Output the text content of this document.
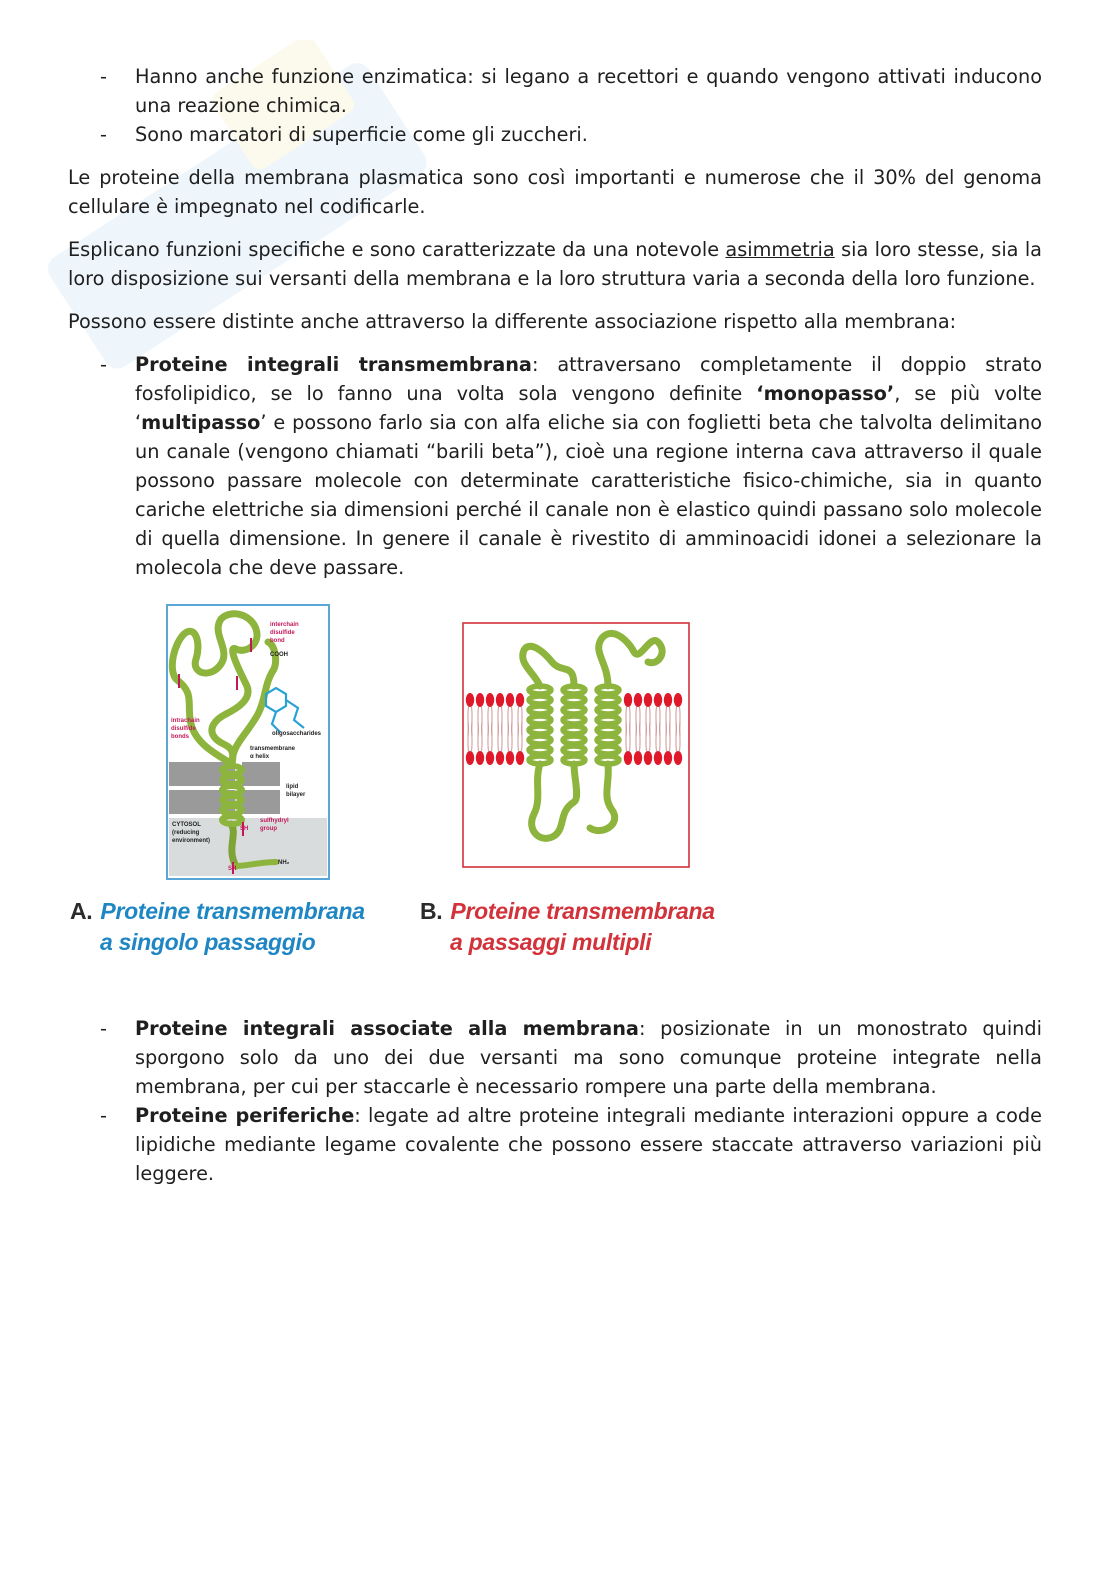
- Hanno anche funzione enzimatica: si legano a recettori e quando vengono attivati inducono una reazione chimica.
- Sono marcatori di superficie come gli zuccheri.

Le proteine della membrana plasmatica sono così importanti e numerose che il 30% del genoma cellulare è impegnato nel codificarle.

Esplicano funzioni specifiche e sono caratterizzate da una notevole asimmetria sia loro stesse, sia la loro disposizione sui versanti della membrana e la loro struttura varia a seconda della loro funzione.

Possono essere distinte anche attraverso la differente associazione rispetto alla membrana:

- Proteine integrali transmembrana: attraversano completamente il doppio strato fosfolipidico, se lo fanno una volta sola vengono definite ‘monopasso’, se più volte ‘multipasso’ e possono farlo sia con alfa eliche sia con foglietti beta che talvolta delimitano un canale (vengono chiamati “barili beta”), cioè una regione interna cava attraverso il quale possono passare molecole con determinate caratteristiche fisico-chimiche, sia in quanto cariche elettriche sia dimensioni perché il canale non è elastico quindi passano solo molecole di quella dimensione. In genere il canale è rivestito di amminoacidi idonei a selezionare la molecola che deve passare.
interchain
disulfide
bond
intrachain
disulfide
bonds
sulfhydryl
group
SH
SH
COOH
oligosaccharides
transmembrane
α helix
lipid
bilayer
CYTOSOL
(reducing
environment)
NH₂
A. Proteine transmembrana
a singolo passaggio
B. Proteine transmembrana
a passaggi multipli
- Proteine integrali associate alla membrana: posizionate in un monostrato quindi sporgono solo da uno dei due versanti ma sono comunque proteine integrate nella membrana, per cui per staccarle è necessario rompere una parte della membrana.
- Proteine periferiche: legate ad altre proteine integrali mediante interazioni oppure a code lipidiche mediante legame covalente che possono essere staccate attraverso variazioni più leggere.
